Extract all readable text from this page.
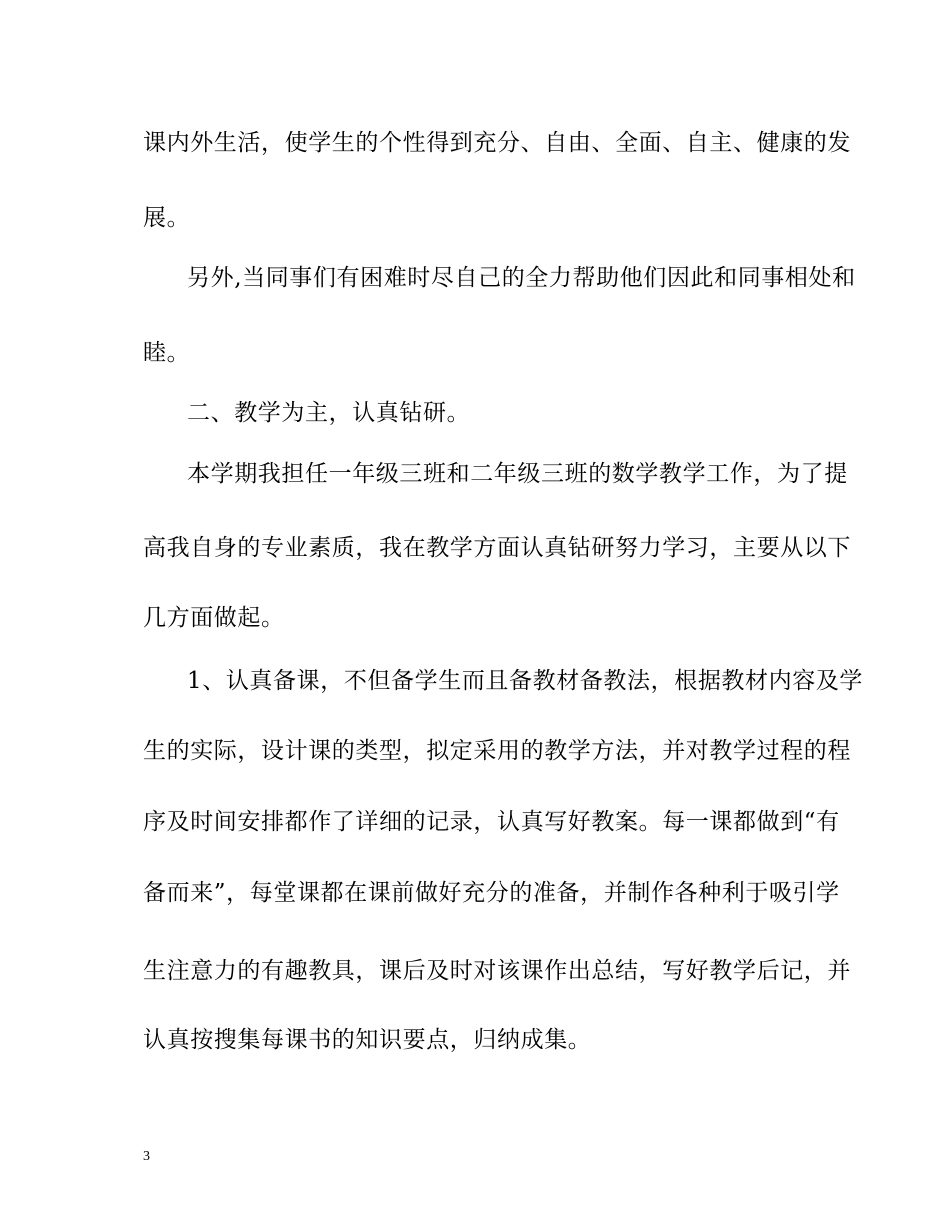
课内外生活，使学生的个性得到充分、自由、全面、自主、健康的发
展。
另外,当同事们有困难时尽自己的全力帮助他们因此和同事相处和
睦。
二、教学为主，认真钻研。
本学期我担任一年级三班和二年级三班的数学教学工作，为了提
高我自身的专业素质，我在教学方面认真钻研努力学习，主要从以下
几方面做起。
1、认真备课，不但备学生而且备教材备教法，根据教材内容及学
生的实际，设计课的类型，拟定采用的教学方法，并对教学过程的程
序及时间安排都作了详细的记录，认真写好教案。每一课都做到“有
备而来”，每堂课都在课前做好充分的准备，并制作各种利于吸引学
生注意力的有趣教具，课后及时对该课作出总结，写好教学后记，并
认真按搜集每课书的知识要点，归纳成集。
3
